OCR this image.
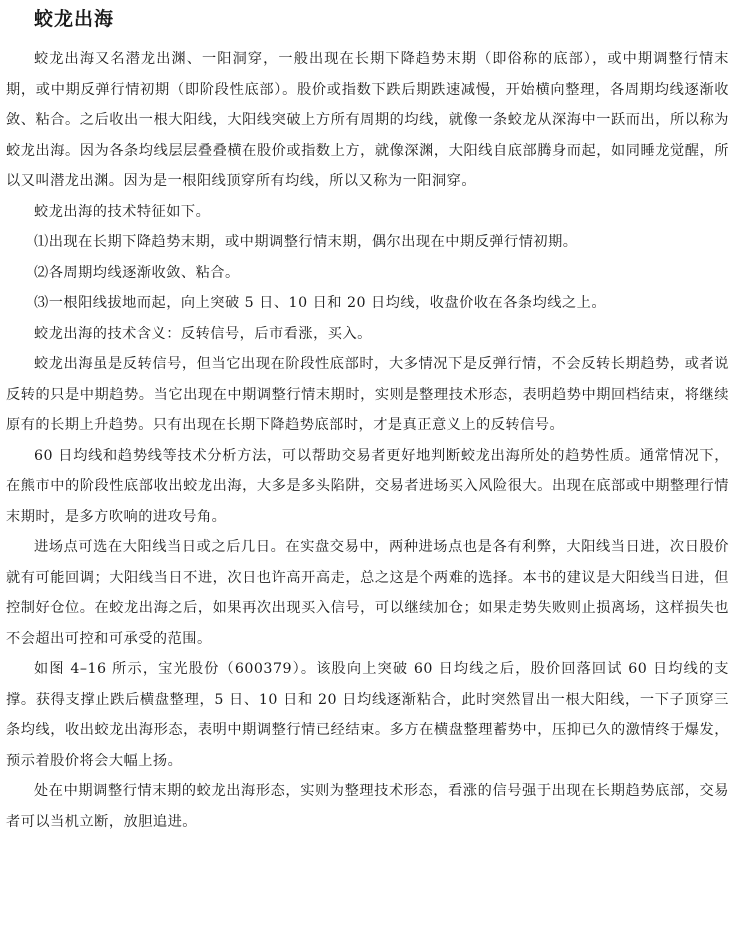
蛟龙出海

蛟龙出海又名潜龙出渊、一阳洞穿，一般出现在长期下降趋势末期（即俗称的底部），或中期调整行情末期，或中期反弹行情初期（即阶段性底部）。股价或指数下跌后期跌速减慢，开始横向整理，各周期均线逐渐收敛、粘合。之后收出一根大阳线，大阳线突破上方所有周期的均线，就像一条蛟龙从深海中一跃而出，所以称为蛟龙出海。因为各条均线层层叠叠横在股价或指数上方，就像深渊，大阳线自底部腾身而起，如同睡龙觉醒，所以又叫潜龙出渊。因为是一根阳线顶穿所有均线，所以又称为一阳洞穿。

蛟龙出海的技术特征如下。

⑴出现在长期下降趋势末期，或中期调整行情末期，偶尔出现在中期反弹行情初期。

⑵各周期均线逐渐收敛、粘合。

⑶一根阳线拔地而起，向上突破 5 日、10 日和 20 日均线，收盘价收在各条均线之上。

蛟龙出海的技术含义：反转信号，后市看涨，买入。

蛟龙出海虽是反转信号，但当它出现在阶段性底部时，大多情况下是反弹行情，不会反转长期趋势，或者说反转的只是中期趋势。当它出现在中期调整行情末期时，实则是整理技术形态，表明趋势中期回档结束，将继续原有的长期上升趋势。只有出现在长期下降趋势底部时，才是真正意义上的反转信号。

60 日均线和趋势线等技术分析方法，可以帮助交易者更好地判断蛟龙出海所处的趋势性质。通常情况下，在熊市中的阶段性底部收出蛟龙出海，大多是多头陷阱，交易者进场买入风险很大。出现在底部或中期整理行情末期时，是多方吹响的进攻号角。

进场点可选在大阳线当日或之后几日。在实盘交易中，两种进场点也是各有利弊，大阳线当日进，次日股价就有可能回调；大阳线当日不进，次日也许高开高走，总之这是个两难的选择。本书的建议是大阳线当日进，但控制好仓位。在蛟龙出海之后，如果再次出现买入信号，可以继续加仓；如果走势失败则止损离场，这样损失也不会超出可控和可承受的范围。

如图 4–16 所示，宝光股份（600379）。该股向上突破 60 日均线之后，股价回落回试 60 日均线的支撑。获得支撑止跌后横盘整理，5 日、10 日和 20 日均线逐渐粘合，此时突然冒出一根大阳线，一下子顶穿三条均线，收出蛟龙出海形态，表明中期调整行情已经结束。多方在横盘整理蓄势中，压抑已久的激情终于爆发，预示着股价将会大幅上扬。

处在中期调整行情末期的蛟龙出海形态，实则为整理技术形态，看涨的信号强于出现在长期趋势底部，交易者可以当机立断，放胆追进。
